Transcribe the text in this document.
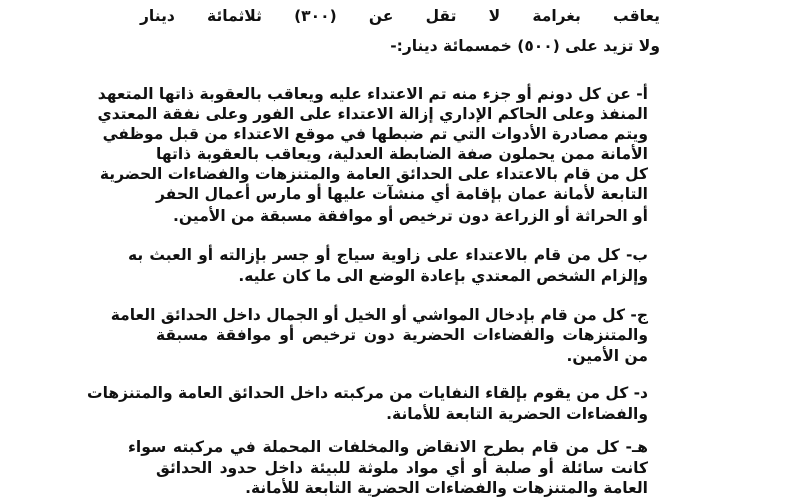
يعاقب بغرامة لا تقل عن (٣٠٠) ثلاثمائة دينار
ولا تزيد على (٥٠٠) خمسمائة دينار:-
أ- عن كل دونم أو جزء منه تم الاعتداء عليه ويعاقب بالعقوبة ذاتها المتعهد
المنفذ وعلى الحاكم الإداري إزالة الاعتداء على الفور وعلى نفقة المعتدي
ويتم مصادرة الأدوات التي تم ضبطها في موقع الاعتداء من قبل موظفي
الأمانة ممن يحملون صفة الضابطة العدلية، ويعاقب بالعقوبة ذاتها
كل من قام بالاعتداء على الحدائق العامة والمتنزهات والفضاءات الحضرية
التابعة لأمانة عمان بإقامة أي منشآت عليها أو مارس أعمال الحفر
أو الحراثة أو الزراعة دون ترخيص أو موافقة مسبقة من الأمين.
ب- كل من قام بالاعتداء على زاوية سياج أو جسر بإزالته أو العبث به
وإلزام الشخص المعتدي بإعادة الوضع الى ما كان عليه.
ج- كل من قام بإدخال المواشي أو الخيل أو الجمال داخل الحدائق العامة
والمتنزهات والفضاءات الحضرية دون ترخيص أو موافقة مسبقة
من الأمين.
د- كل من يقوم بإلقاء النفايات من مركبته داخل الحدائق العامة والمتنزهات
والفضاءات الحضرية التابعة للأمانة.
هـ- كل من قام بطرح الانقاض والمخلفات المحملة في مركبته سواء
كانت سائلة أو صلبة أو أي مواد ملوثة للبيئة داخل حدود الحدائق
العامة والمتنزهات والفضاءات الحضرية التابعة للأمانة.
